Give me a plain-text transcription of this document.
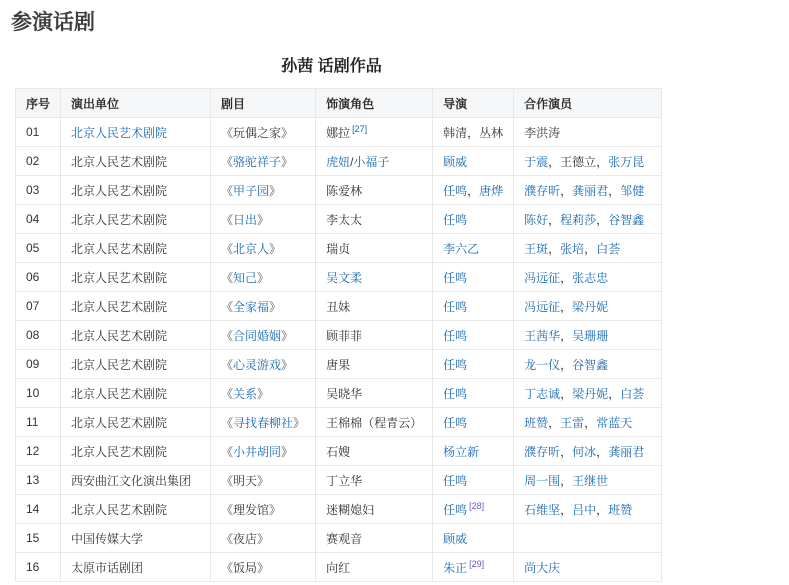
参演话剧
孙茜 话剧作品
序号	演出单位	剧目	饰演角色	导演	合作演员
01	北京人民艺术剧院	《玩偶之家》	娜拉 [27]	韩清，丛林	李洪涛
02	北京人民艺术剧院	《骆驼祥子》	虎妞/小福子	顾威	于震，王德立，张万昆
03	北京人民艺术剧院	《甲子园》	陈爱林	任鸣，唐烨	濮存昕，龚丽君，邹健
04	北京人民艺术剧院	《日出》	李太太	任鸣	陈好，程莉莎，谷智鑫
05	北京人民艺术剧院	《北京人》	瑞贞	李六乙	王斑，张培，白荟
06	北京人民艺术剧院	《知己》	吴文柔	任鸣	冯远征，张志忠
07	北京人民艺术剧院	《全家福》	丑妹	任鸣	冯远征，梁丹妮
08	北京人民艺术剧院	《合同婚姻》	顾菲菲	任鸣	王茜华，吴珊珊
09	北京人民艺术剧院	《心灵游戏》	唐果	任鸣	龙一仪，谷智鑫
10	北京人民艺术剧院	《关系》	吴晓华	任鸣	丁志诚，梁丹妮，白荟
11	北京人民艺术剧院	《寻找春柳社》	王棉棉（程青云）	任鸣	班赞，王雷，常蓝天
12	北京人民艺术剧院	《小井胡同》	石嫂	杨立新	濮存昕，何冰，龚丽君
13	西安曲江文化演出集团	《明天》	丁立华	任鸣	周一围，王继世
14	北京人民艺术剧院	《理发馆》	迷糊媳妇	任鸣 [28]	石维坚，吕中，班赞
15	中国传媒大学	《夜店》	赛观音	顾威	
16	太原市话剧团	《饭局》	向红	朱正 [29]	尚大庆
